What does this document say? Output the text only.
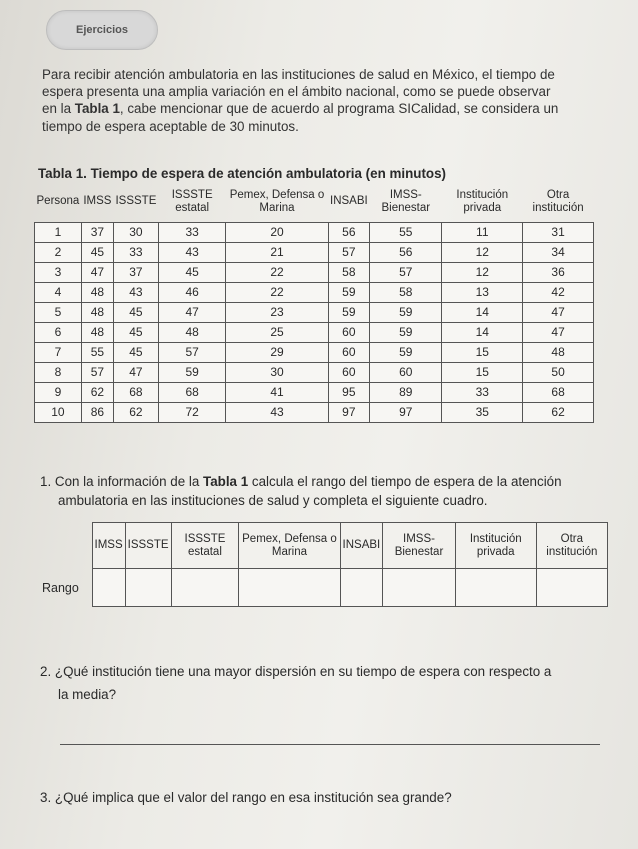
Ejercicios
Para recibir atención ambulatoria en las instituciones de salud en México, el tiempo de
espera presenta una amplia variación en el ámbito nacional, como se puede observar
en la Tabla 1, cabe mencionar que de acuerdo al programa SICalidad, se considera un
tiempo de espera aceptable de 30 minutos.
Tabla 1. Tiempo de espera de atención ambulatoria (en minutos)
Persona	IMSS	ISSSTE	ISSSTE estatal	Pemex, Defensa o Marina	INSABI	IMSS-Bienestar	Institución privada	Otra institución
1	37	30	33	20	56	55	11	31
2	45	33	43	21	57	56	12	34
3	47	37	45	22	58	57	12	36
4	48	43	46	22	59	58	13	42
5	48	45	47	23	59	59	14	47
6	48	45	48	25	60	59	14	47
7	55	45	57	29	60	59	15	48
8	57	47	59	30	60	60	15	50
9	62	68	68	41	95	89	33	68
10	86	62	72	43	97	97	35	62
1. Con la información de la Tabla 1 calcula el rango del tiempo de espera de la atención
ambulatoria en las instituciones de salud y completa el siguiente cuadro.
	IMSS	ISSSTE	ISSSTE estatal	Pemex, Defensa o Marina	INSABI	IMSS-Bienestar	Institución privada	Otra institución
Rango								
2. ¿Qué institución tiene una mayor dispersión en su tiempo de espera con respecto a
la media?
3. ¿Qué implica que el valor del rango en esa institución sea grande?
